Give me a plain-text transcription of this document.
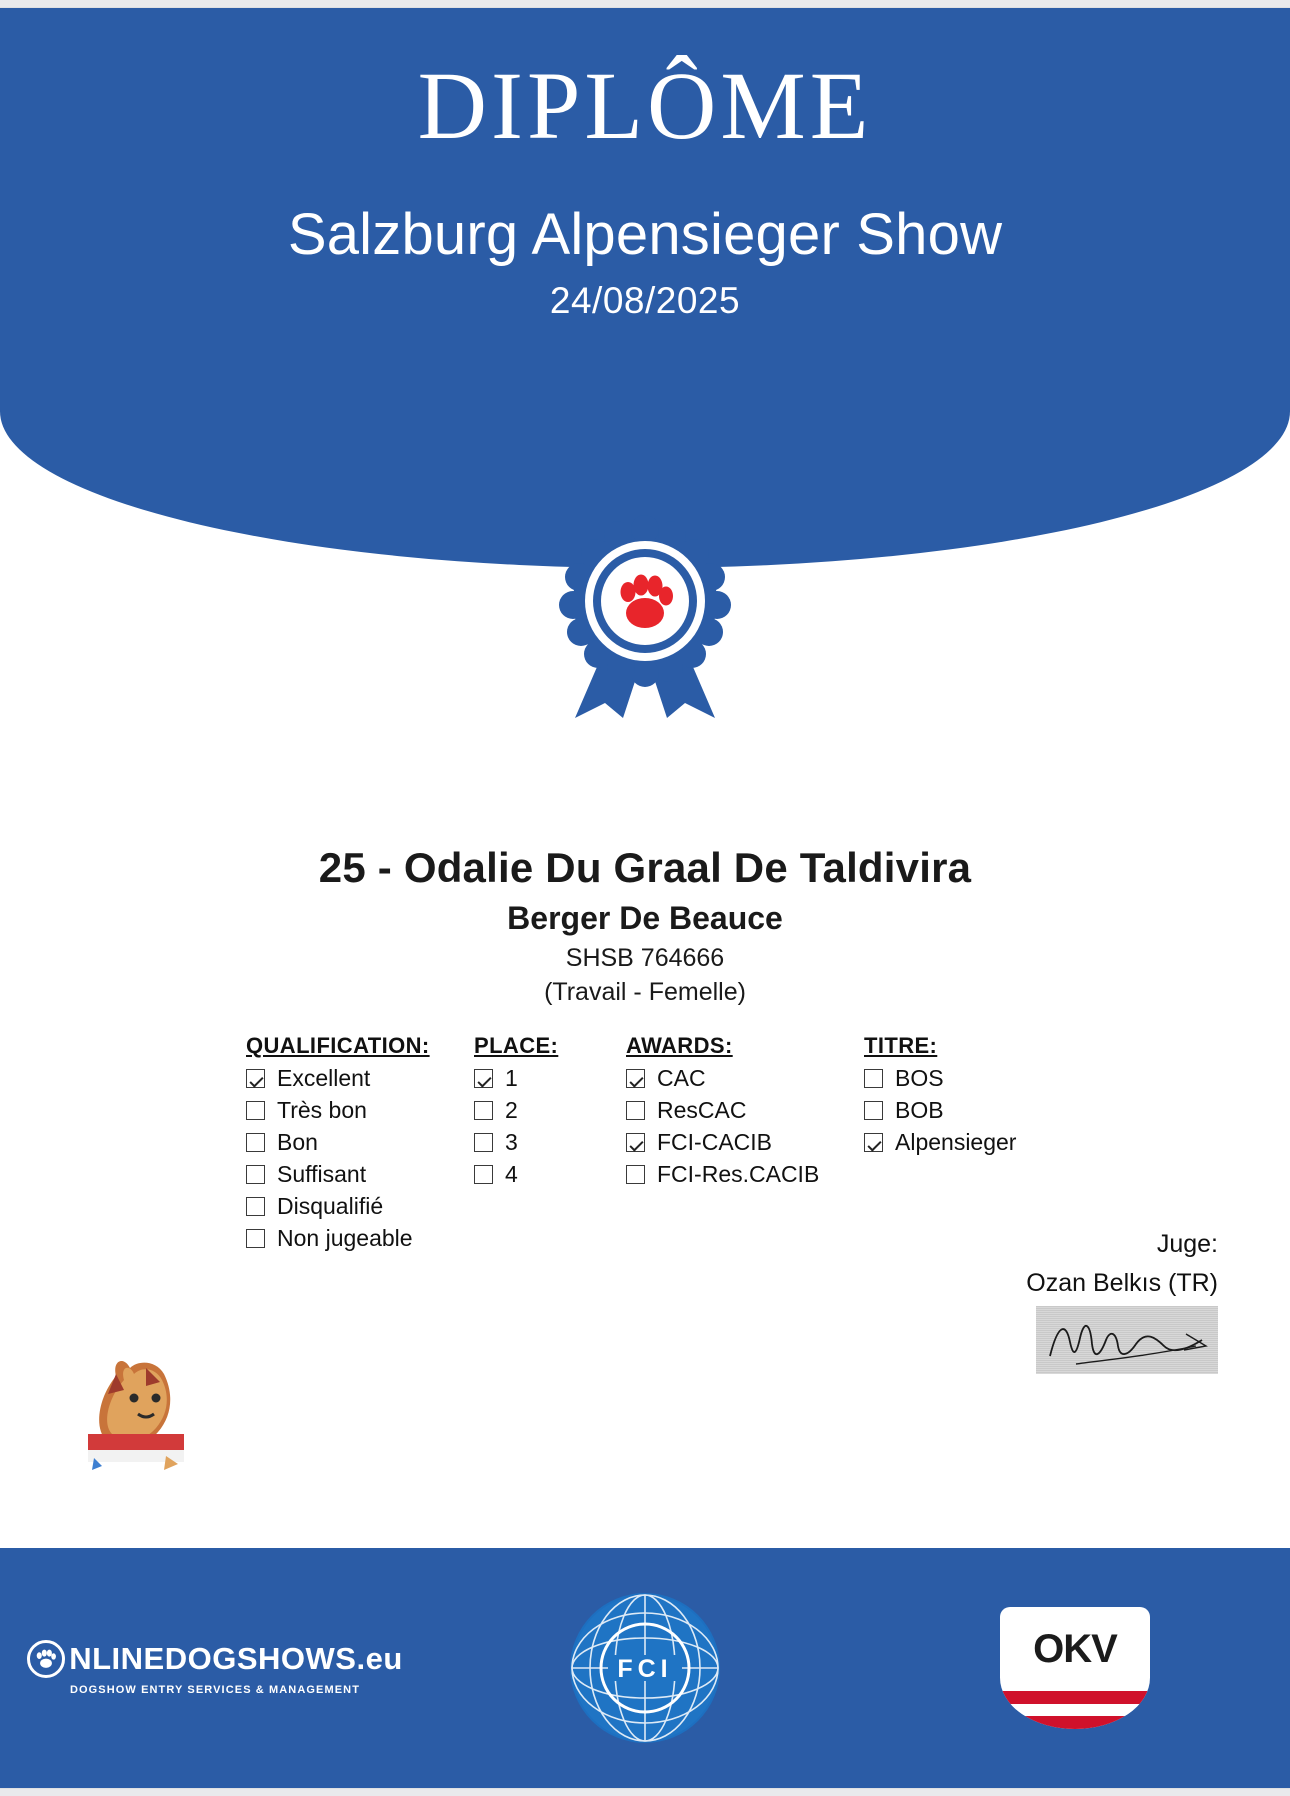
DIPLÔME
Salzburg Alpensieger Show
24/08/2025
25 - Odalie Du Graal De Taldivira
Berger De Beauce
SHSB 764666
(Travail - Femelle)
QUALIFICATION:
Excellent
Très bon
Bon
Suffisant
Disqualifié
Non jugeable
PLACE:
1
2
3
4
AWARDS:
CAC
ResCAC
FCI-CACIB
FCI-Res.CACIB
TITRE:
BOS
BOB
Alpensieger
Juge:
Ozan Belkıs (TR)
NLINEDOGSHOWS.eu
DOGSHOW ENTRY SERVICES & MANAGEMENT
FCI	OKV
